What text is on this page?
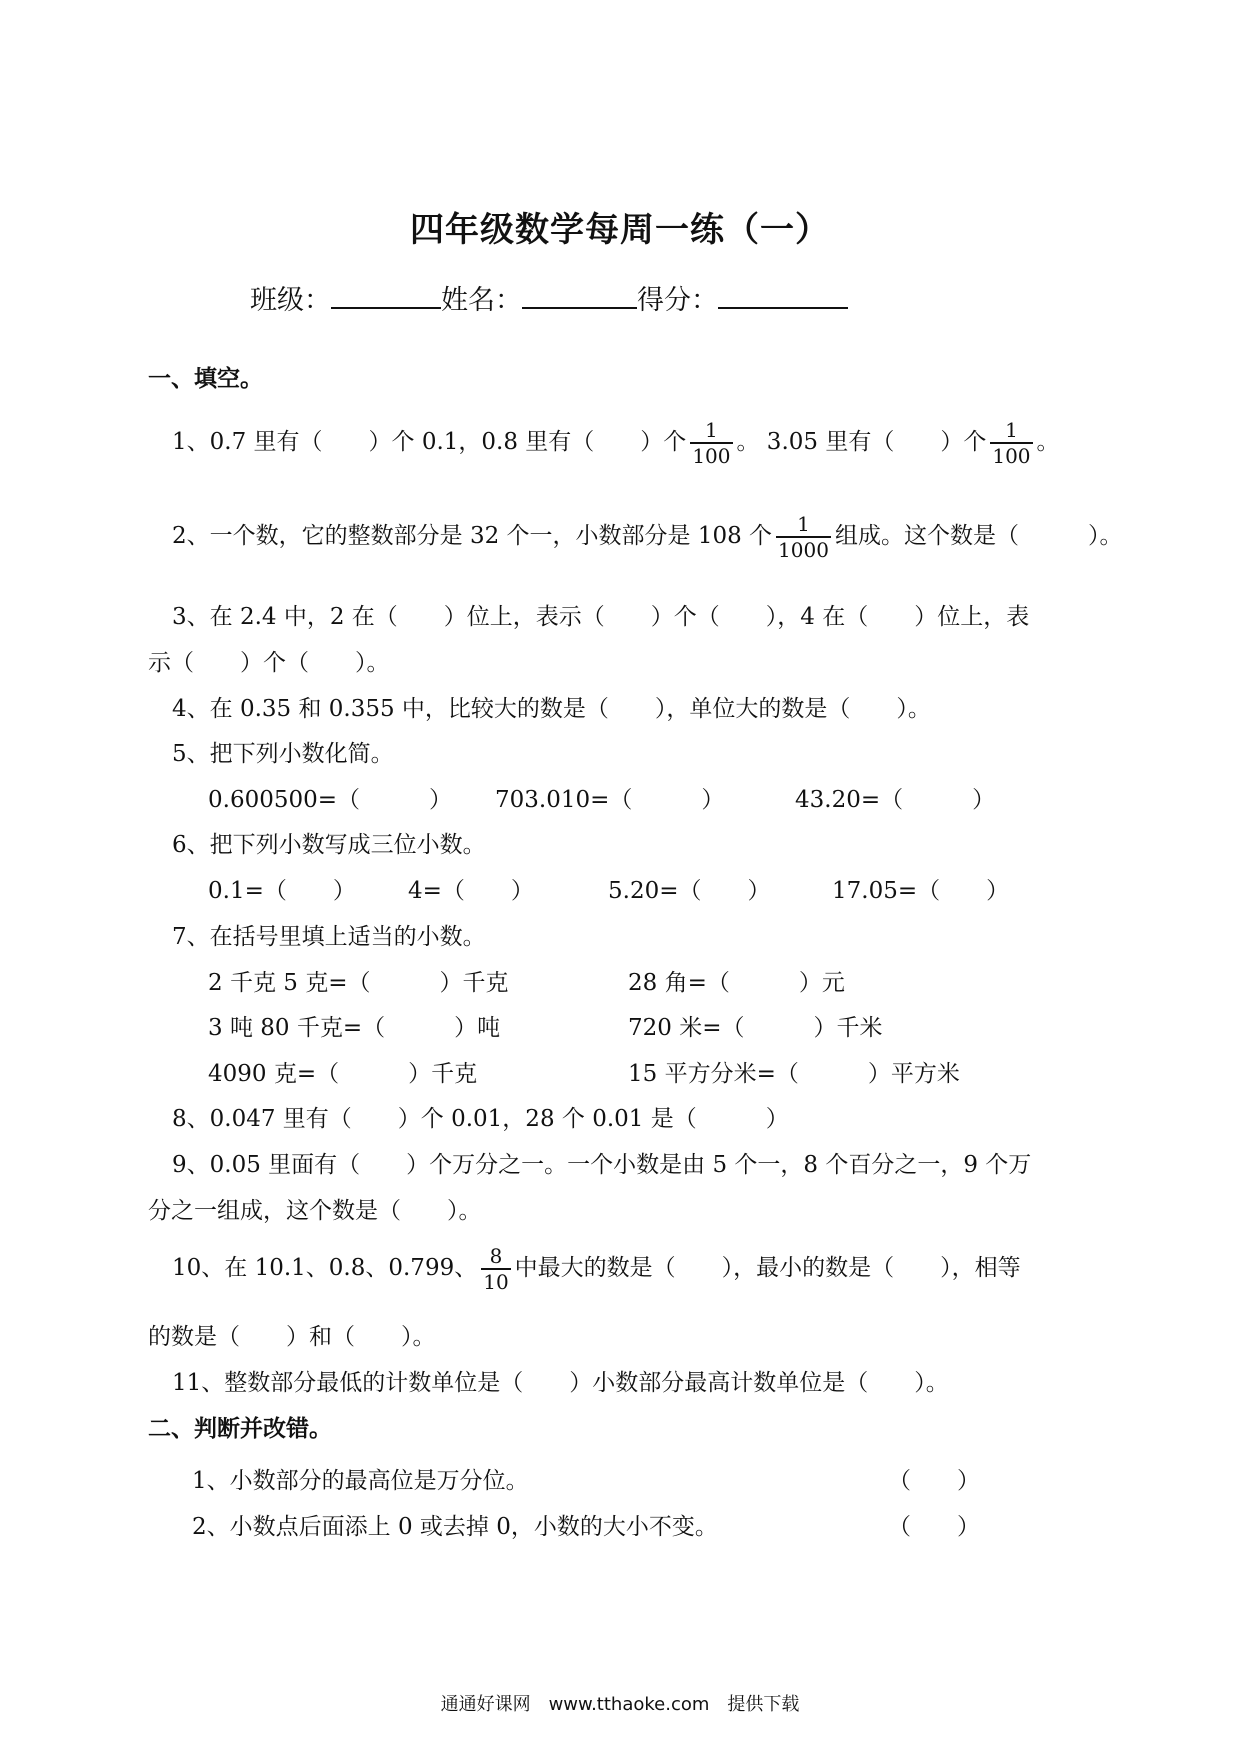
四年级数学每周一练（一）
班级：	姓名：	得分：
一、填空。
1、0.7 里有（　　）个 0.1，0.8 里有（　　）个 $\frac{1}{100}$ 。 3.05 里有（　　）个 $\frac{1}{100}$ 。
2、一个数，它的整数部分是 32 个一，小数部分是 108 个 $\frac{1}{1000}$ 组成。这个数是（　　　）。
3、在 2.4 中，2 在（　　）位上，表示（　　）个（　　），4 在（　　）位上，表
示（　　）个（　　）。
4、在 0.35 和 0.355 中，比较大的数是（　　），单位大的数是（　　）。
5、把下列小数化简。
0.600500=（　　　） 703.010=（　　　）	43.20=（　　　）
6、把下列小数写成三位小数。
0.1=（　　） 4=（　　）	5.20=（　　）	17.05=（　　）
7、在括号里填上适当的小数。
2 千克 5 克=（　　　）千克	28 角=（　　　）元
3 吨 80 千克=（　　　）吨	720 米=（　　　）千米
4090 克=（　　　）千克	15 平方分米=（　　　）平方米
8、0.047 里有（　　）个 0.01，28 个 0.01 是（　　　）
9、0.05 里面有（　　）个万分之一。一个小数是由 5 个一，8 个百分之一，9 个万
分之一组成，这个数是（　　）。
10、在 10.1、0.8、0.799、 $\frac{8}{10}$ 中最大的数是（　　），最小的数是（　　），相等
的数是（　　）和（　　）。
11、整数部分最低的计数单位是（　　）小数部分最高计数单位是（　　）。
二、判断并改错。
1、小数部分的最高位是万分位。	（　　）
2、小数点后面添上 0 或去掉 0，小数的大小不变。	（　　）
通通好课网　www.tthaoke.com　提供下载
